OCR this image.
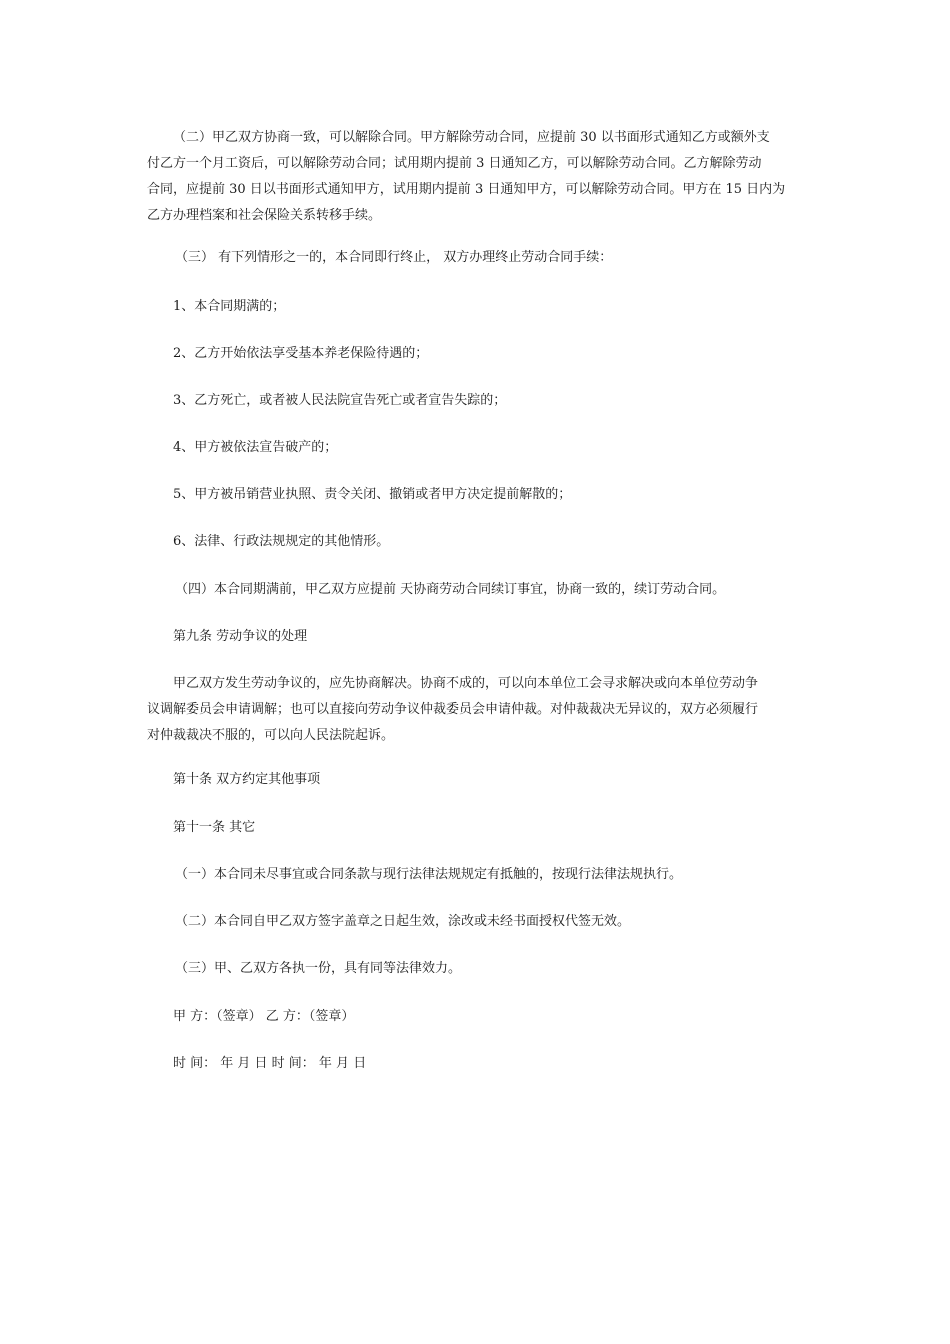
（二）甲乙双方协商一致，可以解除合同。甲方解除劳动合同，应提前 30 以书面形式通知乙方或额外支
付乙方一个月工资后，可以解除劳动合同；试用期内提前 3 日通知乙方，可以解除劳动合同。乙方解除劳动
合同，应提前 30 日以书面形式通知甲方，试用期内提前 3 日通知甲方，可以解除劳动合同。甲方在 15 日内为
乙方办理档案和社会保险关系转移手续。

（三） 有下列情形之一的，本合同即行终止， 双方办理终止劳动合同手续：

1、本合同期满的；

2、乙方开始依法享受基本养老保险待遇的；

3、乙方死亡，或者被人民法院宣告死亡或者宣告失踪的；

4、甲方被依法宣告破产的；

5、甲方被吊销营业执照、责令关闭、撤销或者甲方决定提前解散的；

6、法律、行政法规规定的其他情形。

（四）本合同期满前，甲乙双方应提前 天协商劳动合同续订事宜，协商一致的，续订劳动合同。

第九条 劳动争议的处理

甲乙双方发生劳动争议的，应先协商解决。协商不成的，可以向本单位工会寻求解决或向本单位劳动争
议调解委员会申请调解；也可以直接向劳动争议仲裁委员会申请仲裁。对仲裁裁决无异议的，双方必须履行
对仲裁裁决不服的，可以向人民法院起诉。

第十条 双方约定其他事项

第十一条 其它

（一）本合同未尽事宜或合同条款与现行法律法规规定有抵触的，按现行法律法规执行。

（二）本合同自甲乙双方签字盖章之日起生效，涂改或未经书面授权代签无效。

（三）甲、乙双方各执一份，具有同等法律效力。

甲 方：（签章） 乙 方：（签章）

时 间： 年 月 日 时 间： 年 月 日
